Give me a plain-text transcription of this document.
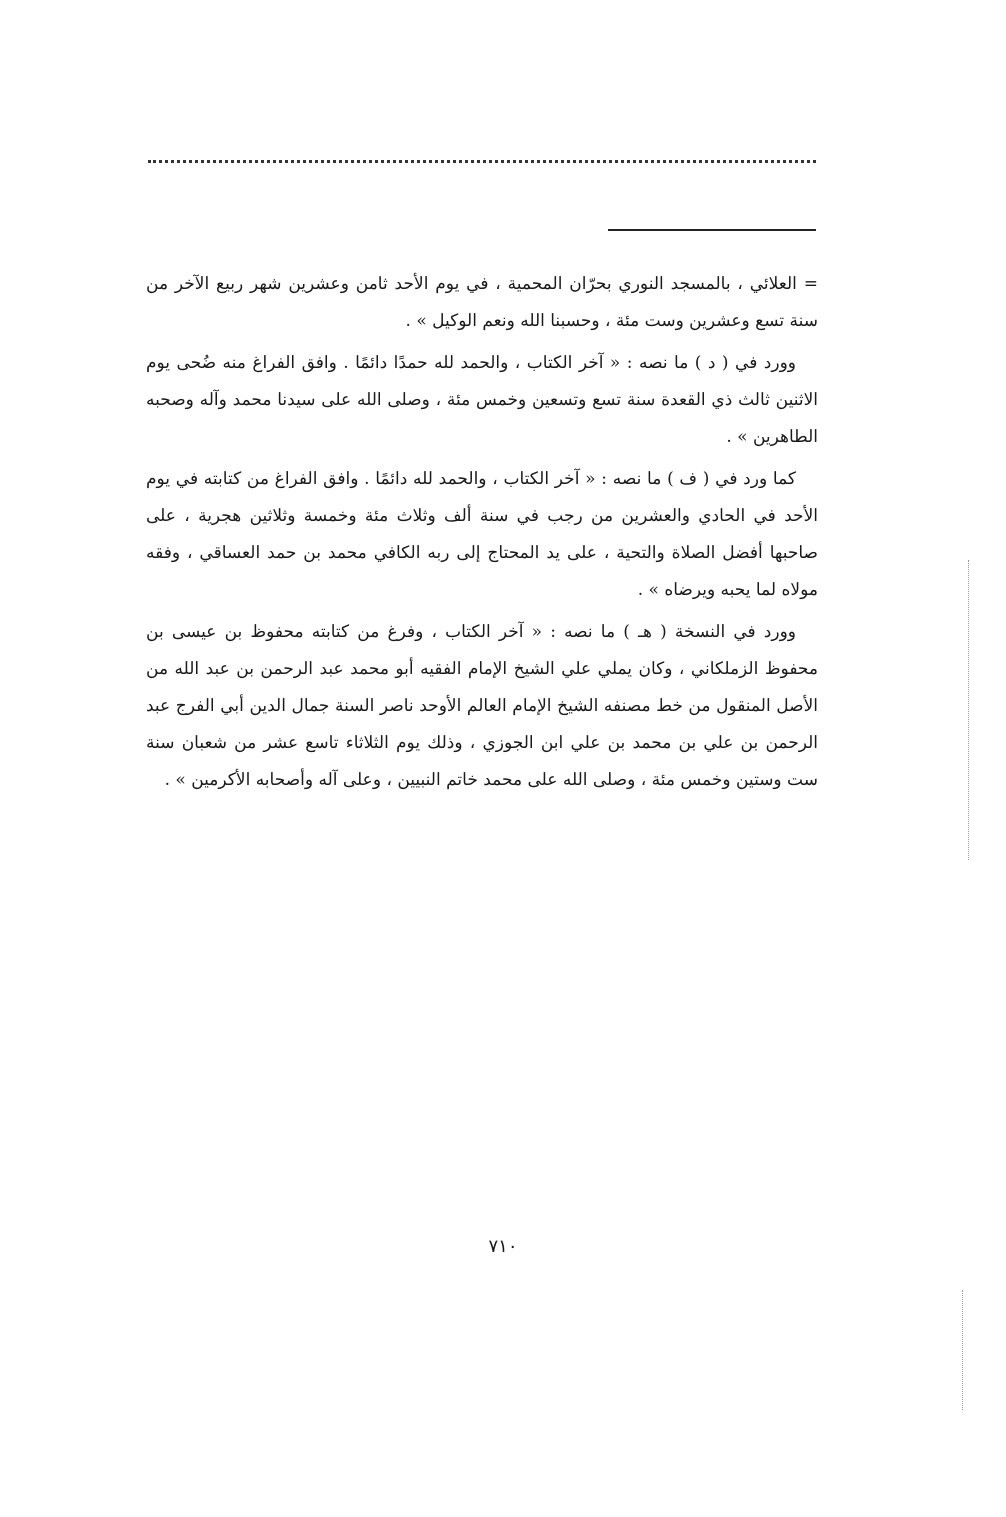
= العلائي ، بالمسجد النوري بحرّان المحمية ، في يوم الأحد ثامن وعشرين شهر ربيع الآخر من سنة تسع وعشرين وست مئة ، وحسبنا الله ونعم الوكيل » .

وورد في ( د ) ما نصه : « آخر الكتاب ، والحمد لله حمدًا دائمًا . وافق الفراغ منه ضُحى يوم الاثنين ثالث ذي القعدة سنة تسع وتسعين وخمس مئة ، وصلى الله على سيدنا محمد وآله وصحبه الطاهرين » .

كما ورد في ( ف ) ما نصه : « آخر الكتاب ، والحمد لله دائمًا . وافق الفراغ من كتابته في يوم الأحد في الحادي والعشرين من رجب في سنة ألف وثلاث مئة وخمسة وثلاثين هجرية ، على صاحبها أفضل الصلاة والتحية ، على يد المحتاج إلى ربه الكافي محمد بن حمد العساقي ، وفقه مولاه لما يحبه ويرضاه » .

وورد في النسخة ( هـ ) ما نصه : « آخر الكتاب ، وفرغ من كتابته محفوظ بن عيسى بن محفوظ الزملكاني ، وكان يملي علي الشيخ الإمام الفقيه أبو محمد عبد الرحمن بن عبد الله من الأصل المنقول من خط مصنفه الشيخ الإمام العالم الأوحد ناصر السنة جمال الدين أبي الفرج عبد الرحمن بن علي بن محمد بن علي ابن الجوزي ، وذلك يوم الثلاثاء تاسع عشر من شعبان سنة ست وستين وخمس مئة ، وصلى الله على محمد خاتم النبيين ، وعلى آله وأصحابه الأكرمين » .

٧١٠
